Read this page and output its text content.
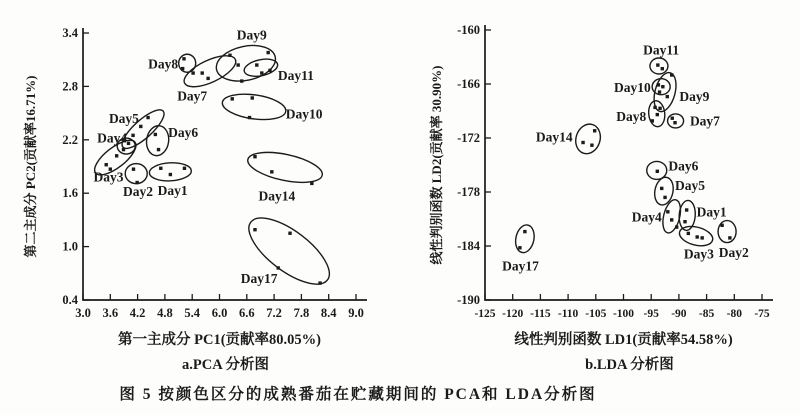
3.0 3.6 4.2 4.8 5.4 6.0 6.6 7.2 7.8 8.4 9.0
3.4
2.8
2.2
1.6
1.0
0.4
第一主成分 PC1(贡献率80.05%)
a.PCA 分析图
第二主成分 PC2(贡献率16.71%)
Day9
Day8
Day11
Day7
Day10
Day5
Day4	Day6
Day3
Day2 Day1	Day14
Day17
-125 -120 -115 -110 -105 -100 -95 -90 -85 -80 -75
-160
-166
-172
-178
-184
-190
线性判别函数 LD1(贡献率54.58%)
b.LDA 分析图
线性判别函数 LD2(贡献率 30.90%)
Day11
Day10
Day9
Day8	Day7
Day14
Day6
Day5
Day4	Day1
Day3 Day2
Day17
图 5 按颜色区分的成熟番茄在贮藏期间的 PCA和 LDA分析图
